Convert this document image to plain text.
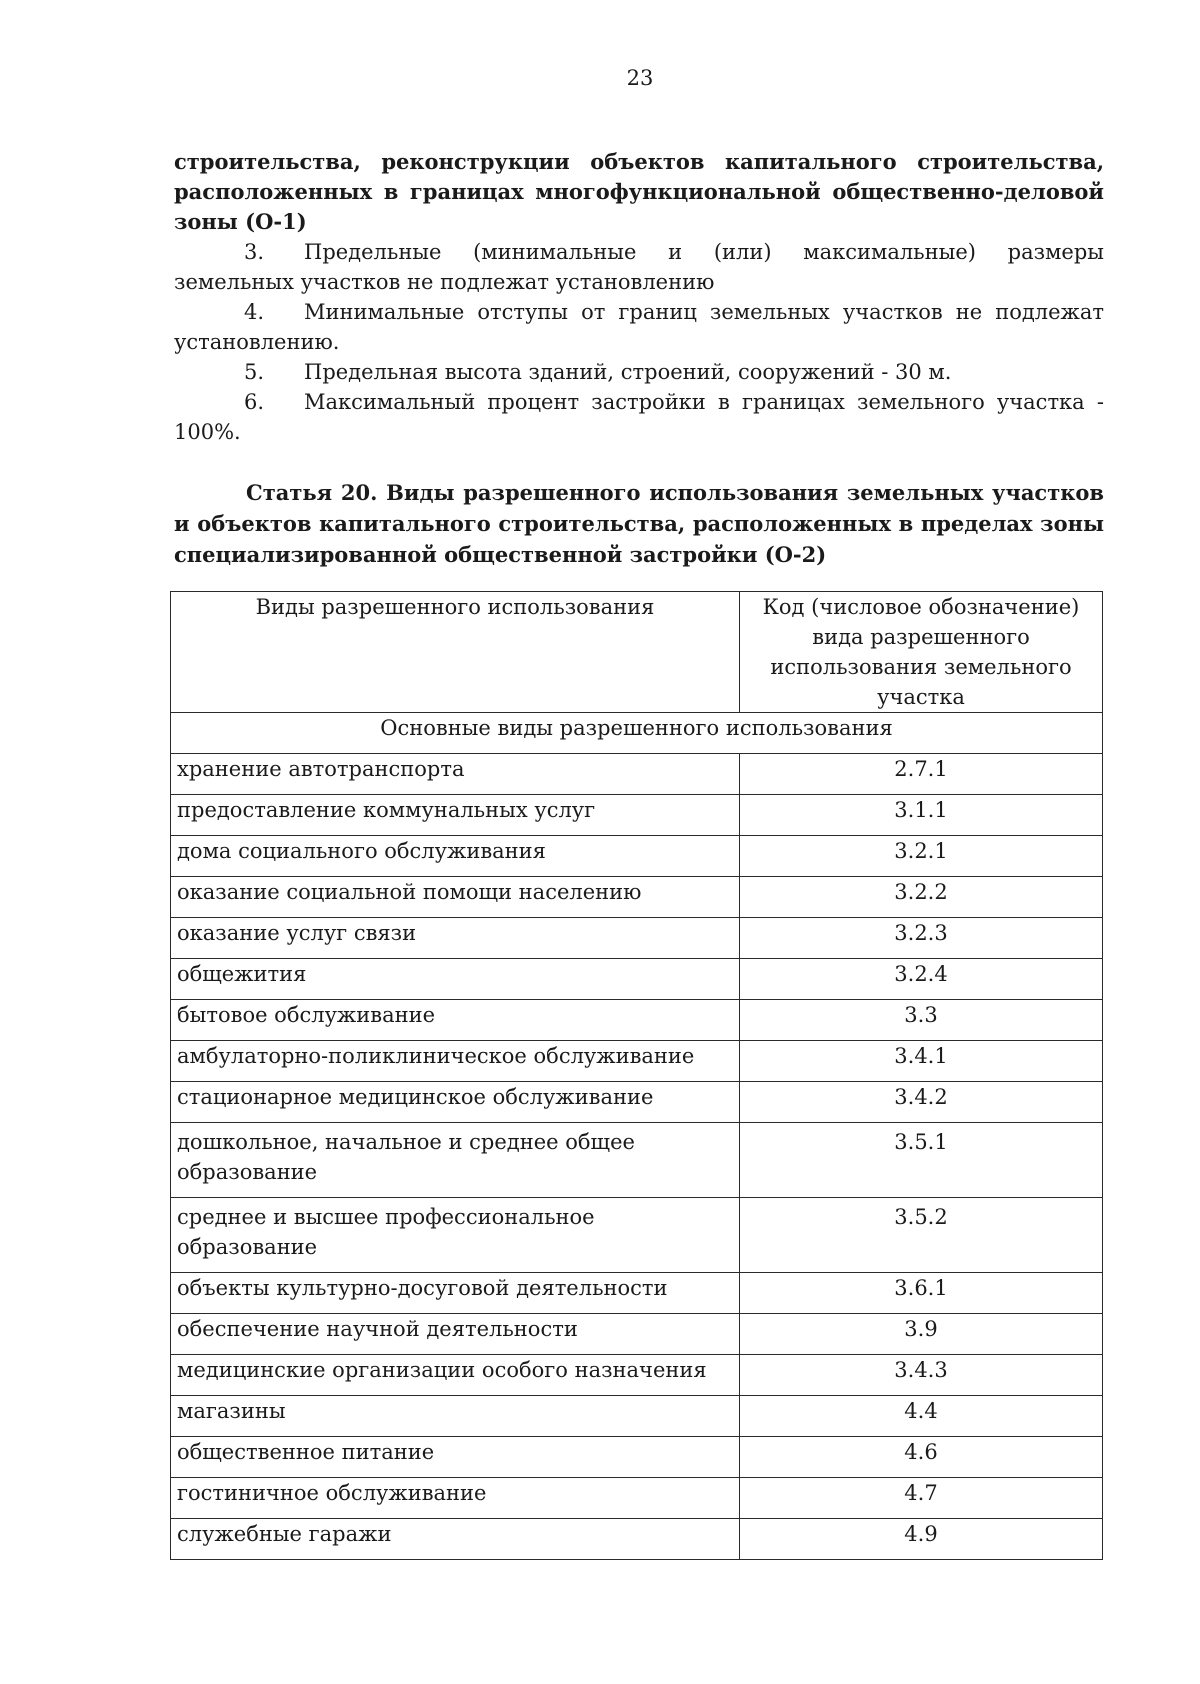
23

строительства, реконструкции объектов капитального строительства, расположенных в границах многофункциональной общественно-деловой зоны (О-1)

3. Предельные (минимальные и (или) максимальные) размеры земельных участков не подлежат установлению

4. Минимальные отступы от границ земельных участков не подлежат установлению.

5. Предельная высота зданий, строений, сооружений - 30 м.

6. Максимальный процент застройки в границах земельного участка - 100%.

Статья 20. Виды разрешенного использования земельных участков и объектов капитального строительства, расположенных в пределах зоны специализированной общественной застройки (О-2)

Виды разрешенного использования	Код (числовое обозначение) вида разрешенного использования земельного участка
Основные виды разрешенного использования	
хранение автотранспорта	2.7.1
предоставление коммунальных услуг	3.1.1
дома социального обслуживания	3.2.1
оказание социальной помощи населению	3.2.2
оказание услуг связи	3.2.3
общежития	3.2.4
бытовое обслуживание	3.3
амбулаторно-поликлиническое обслуживание	3.4.1
стационарное медицинское обслуживание	3.4.2
дошкольное, начальное и среднее общее образование	3.5.1
среднее и высшее профессиональное образование	3.5.2
объекты культурно-досуговой деятельности	3.6.1
обеспечение научной деятельности	3.9
медицинские организации особого назначения	3.4.3
магазины	4.4
общественное питание	4.6
гостиничное обслуживание	4.7
служебные гаражи	4.9
